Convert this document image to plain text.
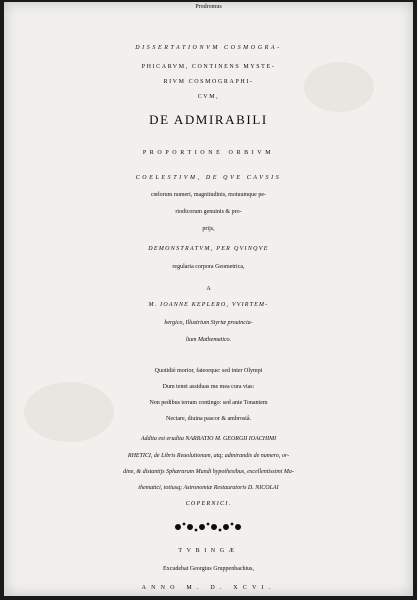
Prodromus
DISSERTATIONVM COSMOGRA-
PHICARVM, CONTINENS MYSTE-
RIVM COSMOGRAPHI-
CVM,
DE ADMIRABILI
PROPORTIONE ORBIVM
COELESTIVM, DE QVE CAVSIS
cœlorum numeri, magnitudinis, motuumque pe-
riodicorum genuinis & pro-
prijs,
DEMONSTRATVM, PER QVINQVE
regularia corpora Geometrica,
A
M. IOANNE KEPLERO, VVIRTEM-
bergico, Illustrium Styriæ prouincia-
lium Mathematico.
Quotidiè morior, fateorque: sed inter Olympi
Dum tenet assiduas me mea cura vias:
Non pedibus terram contingo: sed ante Tonantem
Nectare, diuina pascor & ambrosiâ.
Addita est erudita NARRATIO M. GEORGII IOACHIMI
RHETICI, de Libris Reuolutionum, atq; admirandis de numero, or-
dine, & distantijs Sphærarum Mundi hypothesibus, excellentissimi Ma-
thematici, totiusq; Astronomiæ Restauratoris D. NICOLAI
COPERNICI.
TVBINGÆ
Excudebat Georgius Gruppenbachius,
ANNO M. D. XCVI.
